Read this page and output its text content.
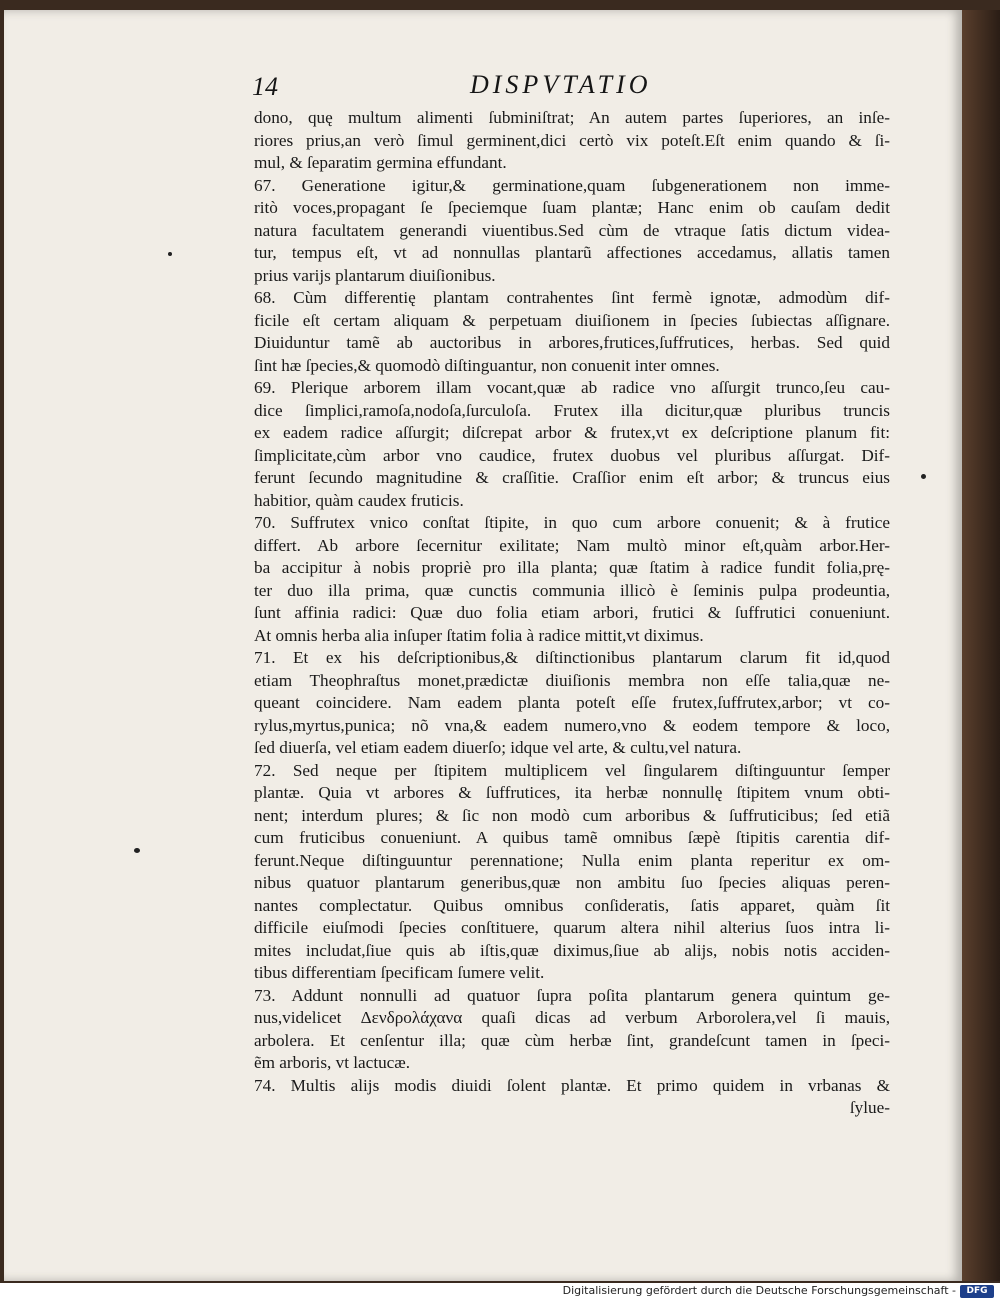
14	DISPVTATIO
dono, quę multum alimenti ſubminiſtrat; An autem partes ſuperiores, an inſe-
riores prius,an verò ſimul germinent,dici certò vix poteſt.Eſt enim quando & ſi-
mul, & ſeparatim germina effundant.
67. Generatione igitur,& germinatione,quam ſubgenerationem non imme-
ritò voces,propagant ſe ſpeciemque ſuam plantæ; Hanc enim ob cauſam dedit
natura facultatem generandi viuentibus.Sed cùm de vtraque ſatis dictum videa-
tur, tempus eſt, vt ad nonnullas plantarũ affectiones accedamus, allatis tamen
prius varijs plantarum diuiſionibus.
68. Cùm differentię plantam contrahentes ſint fermè ignotæ, admodùm dif-
ficile eſt certam aliquam & perpetuam diuiſionem in ſpecies ſubiectas aſſignare.
Diuiduntur tamẽ ab auctoribus in arbores,frutices,ſuffrutices, herbas. Sed quid
ſint hæ ſpecies,& quomodò diſtinguantur, non conuenit inter omnes.
69. Plerique arborem illam vocant,quæ ab radice vno aſſurgit trunco,ſeu cau-
dice ſimplici,ramoſa,nodoſa,ſurculoſa. Frutex illa dicitur,quæ pluribus truncis
ex eadem radice aſſurgit; diſcrepat arbor & frutex,vt ex deſcriptione planum fit:
ſimplicitate,cùm arbor vno caudice, frutex duobus vel pluribus aſſurgat. Dif-
ferunt ſecundo magnitudine & craſſitie. Craſſior enim eſt arbor; & truncus eius
habitior, quàm caudex fruticis.
70. Suffrutex vnico conſtat ſtipite, in quo cum arbore conuenit; & à frutice
differt. Ab arbore ſecernitur exilitate; Nam multò minor eſt,quàm arbor.Her-
ba accipitur à nobis propriè pro illa planta; quæ ſtatim à radice fundit folia,prę-
ter duo illa prima, quæ cunctis communia illicò è ſeminis pulpa prodeuntia,
ſunt affinia radici: Quæ duo folia etiam arbori, frutici & ſuffrutici conueniunt.
At omnis herba alia inſuper ſtatim folia à radice mittit,vt diximus.
71. Et ex his deſcriptionibus,& diſtinctionibus plantarum clarum fit id,quod
etiam Theophraſtus monet,prædictæ diuiſionis membra non eſſe talia,quæ ne-
queant coincidere. Nam eadem planta poteſt eſſe frutex,ſuffrutex,arbor; vt co-
rylus,myrtus,punica; nõ vna,& eadem numero,vno & eodem tempore & loco,
ſed diuerſa, vel etiam eadem diuerſo; idque vel arte, & cultu,vel natura.
72. Sed neque per ſtipitem multiplicem vel ſingularem diſtinguuntur ſemper
plantæ. Quia vt arbores & ſuffrutices, ita herbæ nonnullę ſtipitem vnum obti-
nent; interdum plures; & ſic non modò cum arboribus & ſuffruticibus; ſed etiã
cum fruticibus conueniunt. A quibus tamẽ omnibus ſæpè ſtipitis carentia dif-
ferunt.Neque diſtinguuntur perennatione; Nulla enim planta reperitur ex om-
nibus quatuor plantarum generibus,quæ non ambitu ſuo ſpecies aliquas peren-
nantes complectatur. Quibus omnibus conſideratis, ſatis apparet, quàm ſit
difficile eiuſmodi ſpecies conſtituere, quarum altera nihil alterius ſuos intra li-
mites includat,ſiue quis ab iſtis,quæ diximus,ſiue ab alijs, nobis notis acciden-
tibus differentiam ſpecificam ſumere velit.
73. Addunt nonnulli ad quatuor ſupra poſita plantarum genera quintum ge-
nus,videlicet Δενδρολάχανα quaſi dicas ad verbum Arborolera,vel ſi mauis,
arbolera. Et cenſentur illa; quæ cùm herbæ ſint, grandeſcunt tamen in ſpeci-
ẽm arboris, vt lactucæ.
74. Multis alijs modis diuidi ſolent plantæ. Et primo quidem in vrbanas &
ſylue-
Digitalisierung gefördert durch die Deutsche Forschungsgemeinschaft -	DFG
